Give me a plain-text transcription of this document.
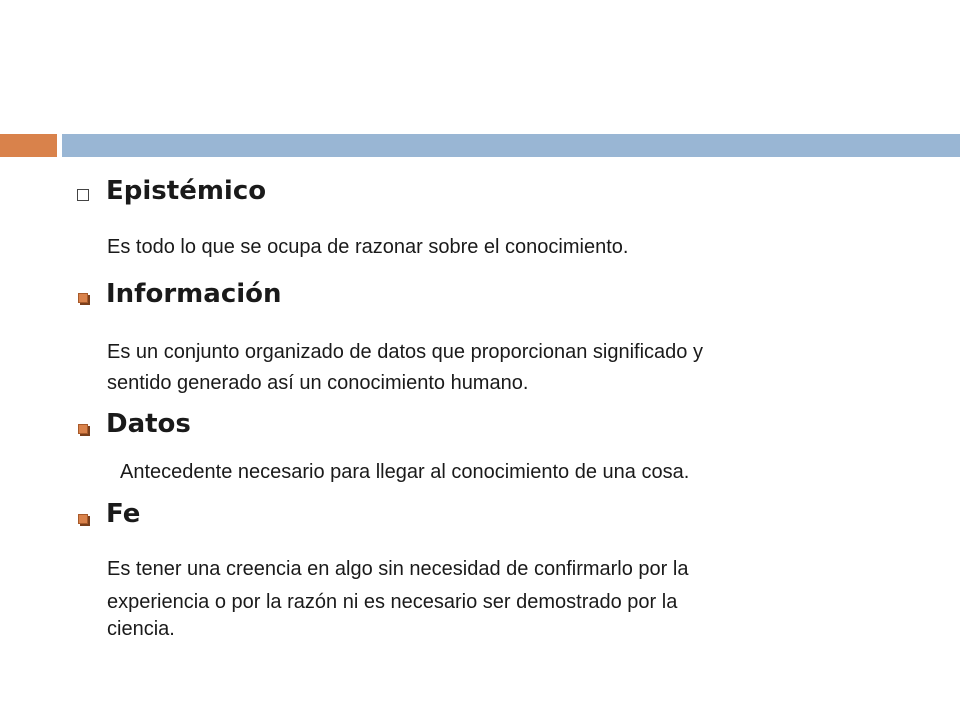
Epistémico
Es todo lo que se ocupa de razonar sobre el conocimiento.
Información
Es un conjunto organizado de datos que proporcionan significado y
sentido generado así un conocimiento humano.
Datos
Antecedente necesario para llegar al conocimiento de una cosa.
Fe
Es tener una creencia en algo sin necesidad de confirmarlo por la
experiencia o por la razón ni es necesario ser demostrado por la
ciencia.
